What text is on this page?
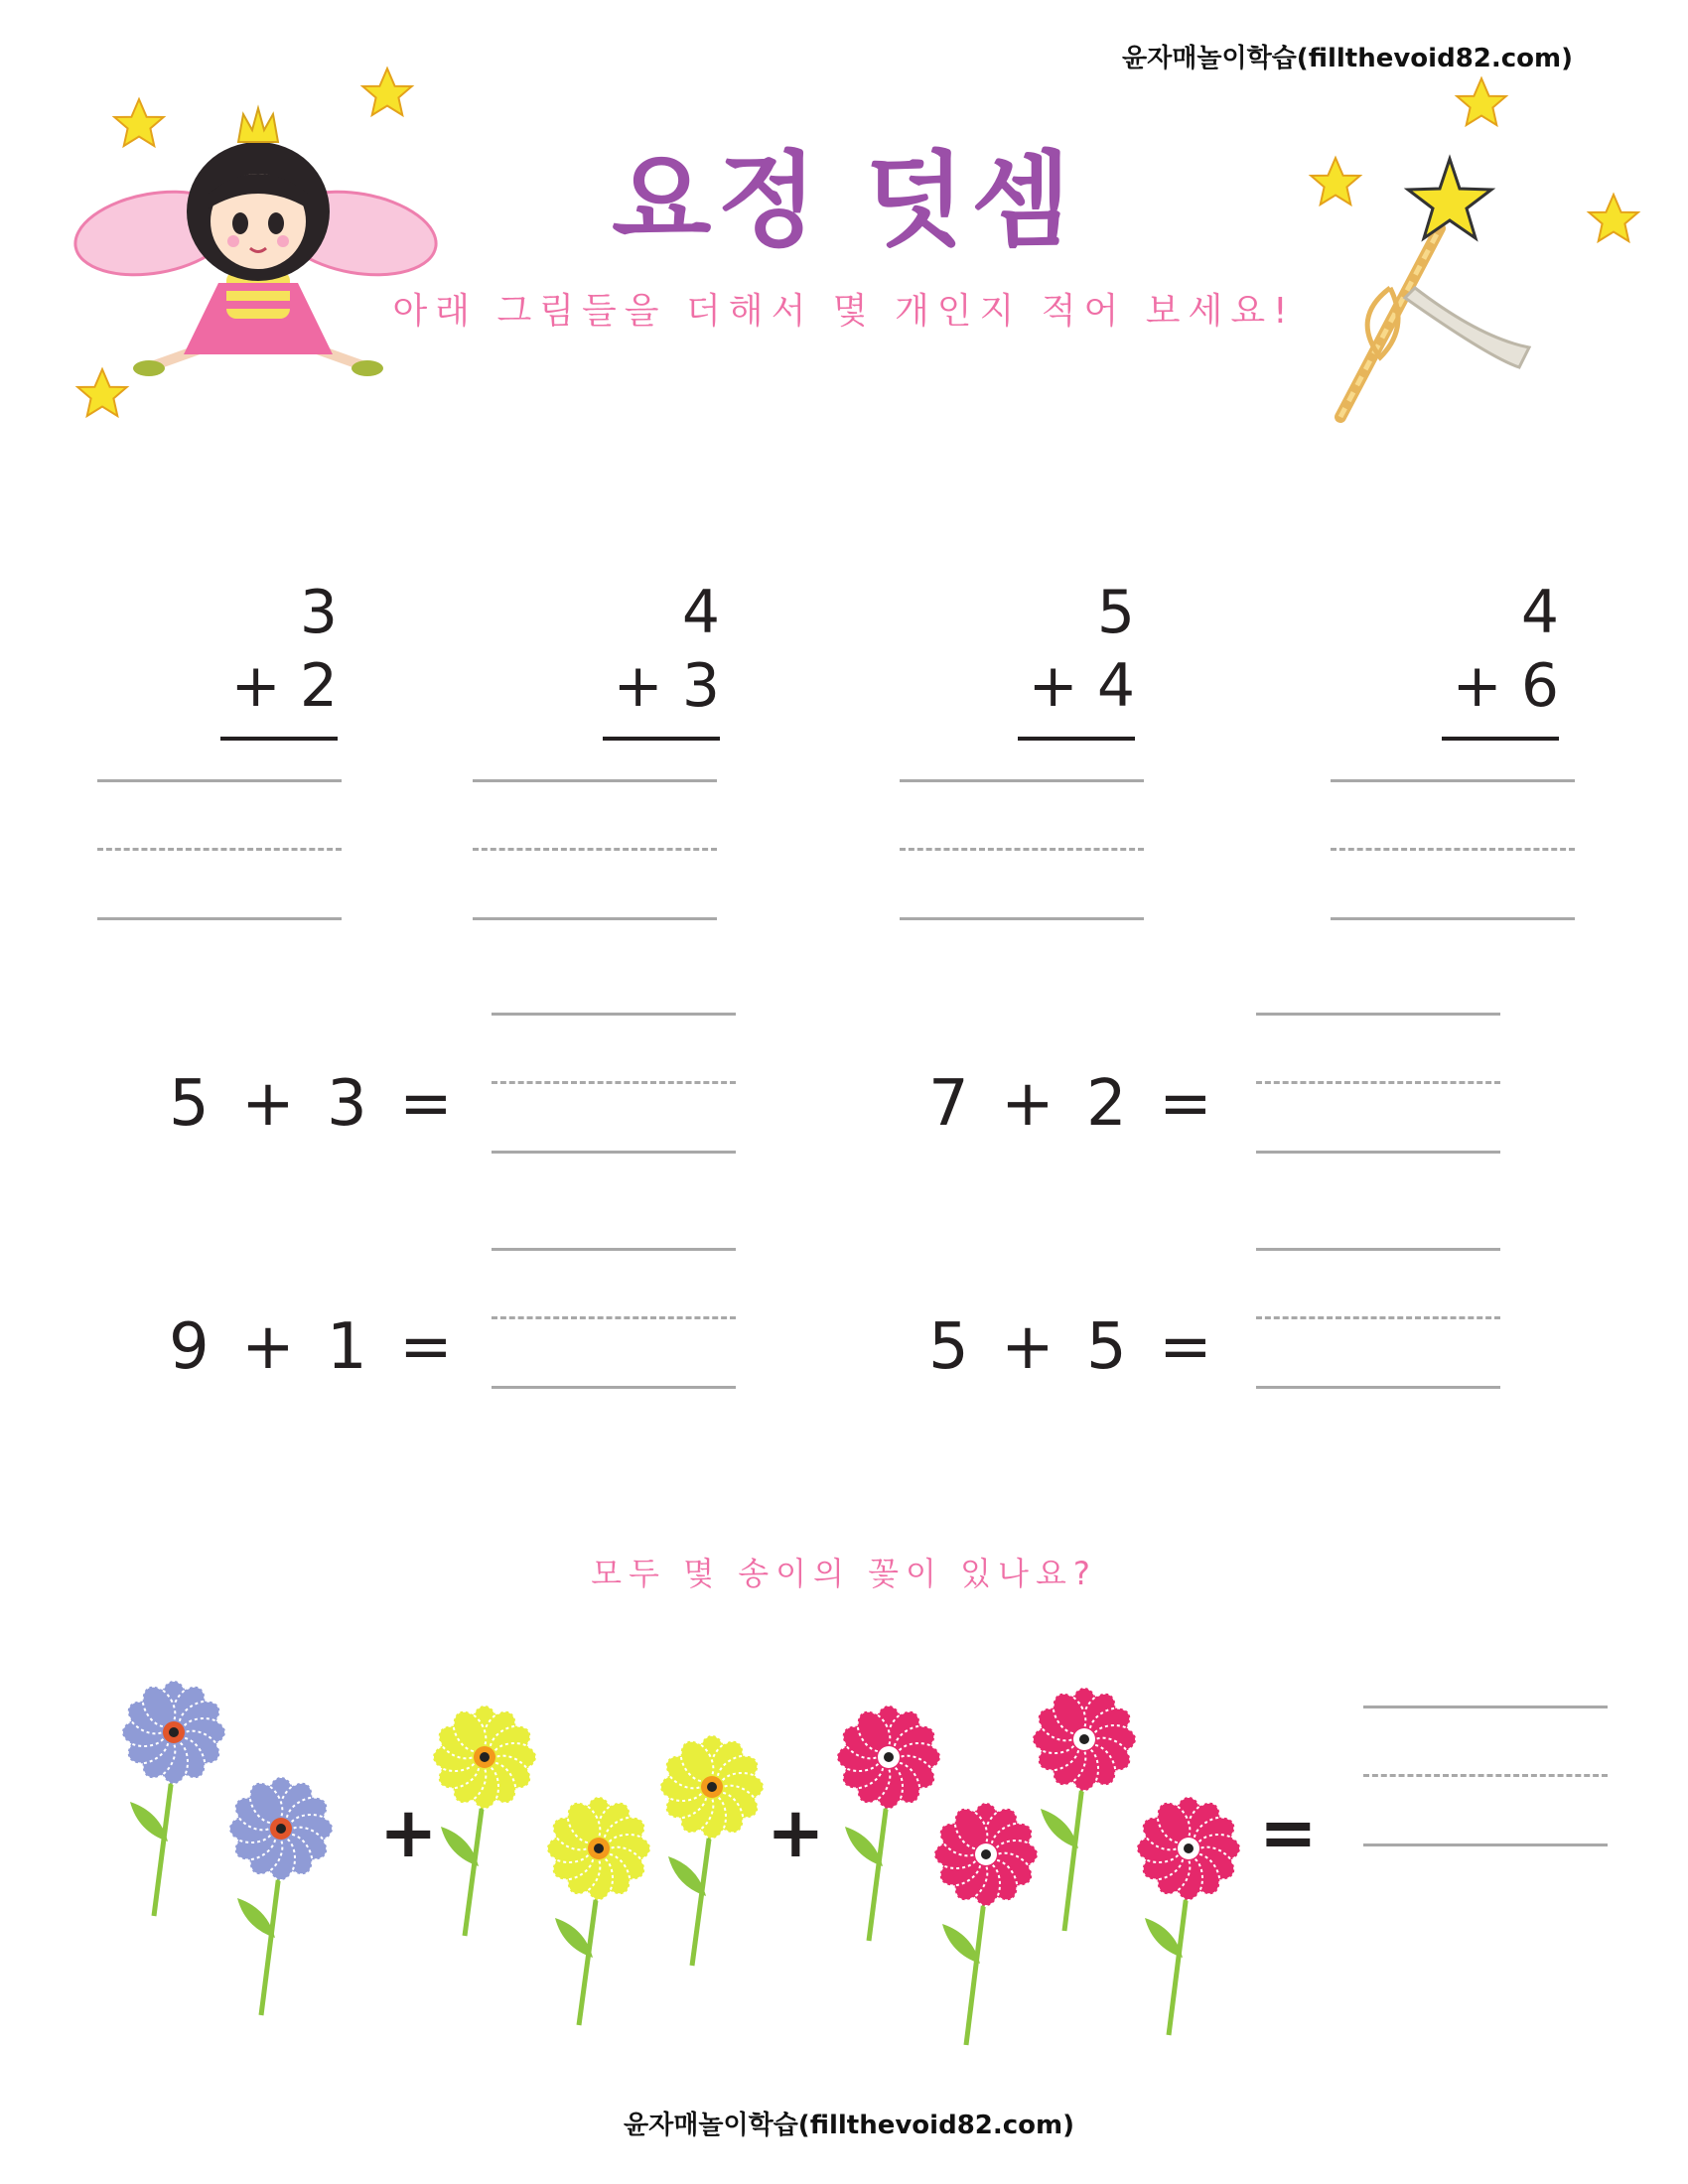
윤자매놀이학습(fillthevoid82.com)
요정 덧셈
아래 그림들을 더해서 몇 개인지 적어 보세요!
3
+ 2
4
+ 3
5
+ 4
4
+ 6
5 + 3 =	7 + 2 =
9 + 1 =	5 + 5 =
모두 몇 송이의 꽃이 있나요?
+	+	=
윤자매놀이학습(fillthevoid82.com)
